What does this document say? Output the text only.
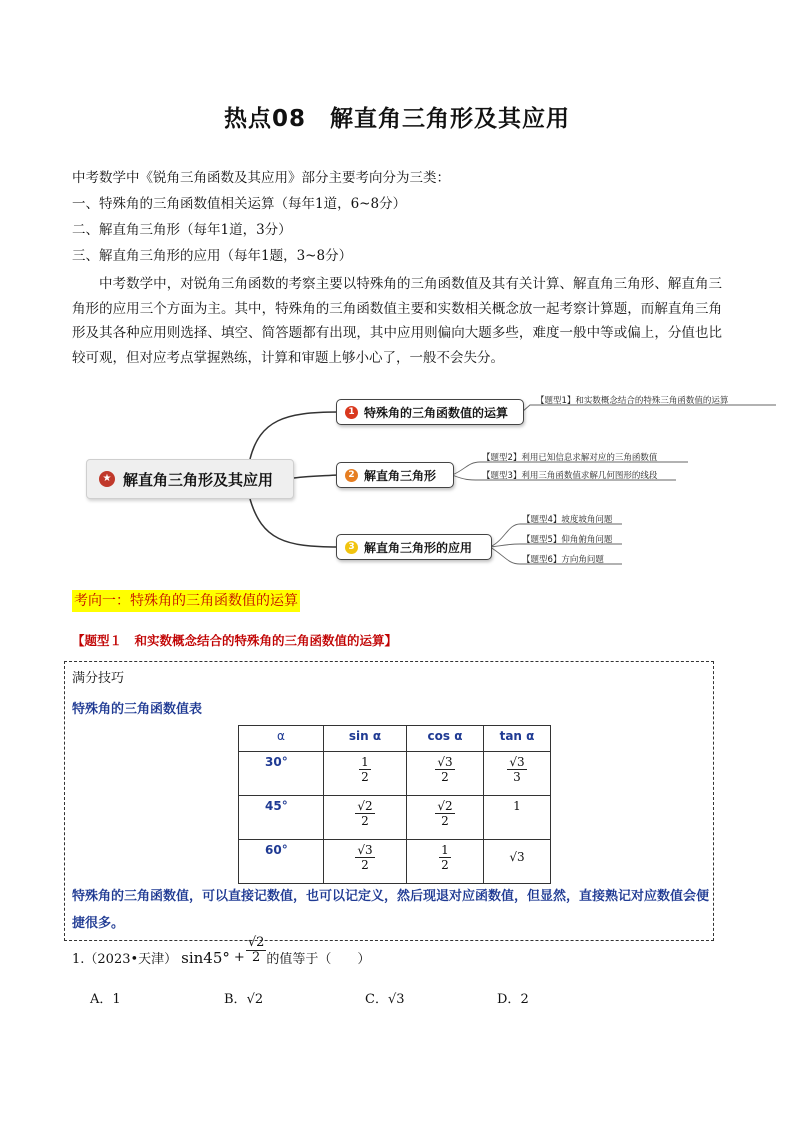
热点08　解直角三角形及其应用
中考数学中《锐角三角函数及其应用》部分主要考向分为三类：
一、特殊角的三角函数值相关运算（每年1道，6~8分）
二、解直角三角形（每年1道，3分）
三、解直角三角形的应用（每年1题，3~8分）
中考数学中，对锐角三角函数的考察主要以特殊角的三角函数值及其有关计算、解直角三角形、解直角三角形的应用三个方面为主。其中，特殊角的三角函数值主要和实数相关概念放一起考察计算题，而解直角三角形及其各种应用则选择、填空、简答题都有出现，其中应用则偏向大题多些，难度一般中等或偏上，分值也比较可观，但对应考点掌握熟练，计算和审题上够小心了，一般不会失分。
★ 解直角三角形及其应用
1 特殊角的三角函数值的运算
2 解直角三角形
3 解直角三角形的应用
【题型1】和实数概念结合的特殊三角函数值的运算
【题型2】利用已知信息求解对应的三角函数值
【题型3】利用三角函数值求解几何图形的线段
【题型4】坡度坡角问题
【题型5】仰角俯角问题
【题型6】方向角问题
考向一：特殊角的三角函数值的运算
【题型１　和实数概念结合的特殊角的三角函数值的运算】
满分技巧
特殊角的三角函数值表
α	sin α	cos α	tan α
30°	$\frac{1}{2}$	$\frac{√3}{2}$	$\frac{√3}{3}$

45°	$\frac{√2}{2}$	$\frac{√2}{2}$	1
60°	$\frac{√3}{2}$	$\frac{1}{2}$	√3
特殊角的三角函数值，可以直接记数值，也可以记定义，然后现退对应函数值，但显然，直接熟记对应数值会便捷很多。
1.（2023•天津） $\sin 45^\circ + \frac{√2}{2}$ 的值等于（　　）
A．1	B．√2	C．√3	D．2
